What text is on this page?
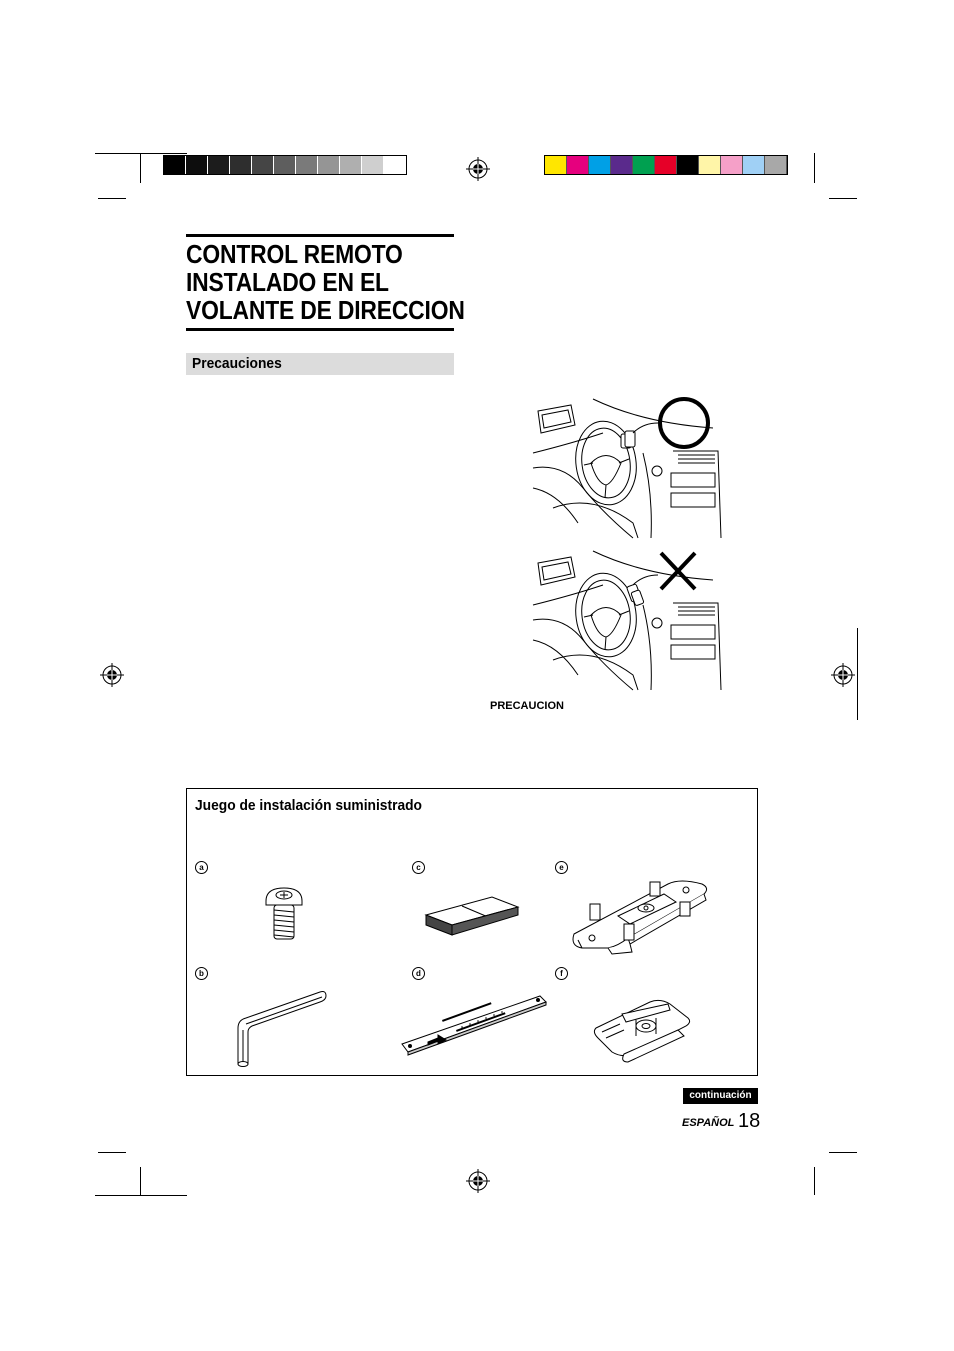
CONTROL REMOTO
INSTALADO EN EL
VOLANTE DE DIRECCION
Precauciones
PRECAUCION
Juego de instalación suministrado
a
b
c
d
e
f
continuación
ESPAÑOL 18
